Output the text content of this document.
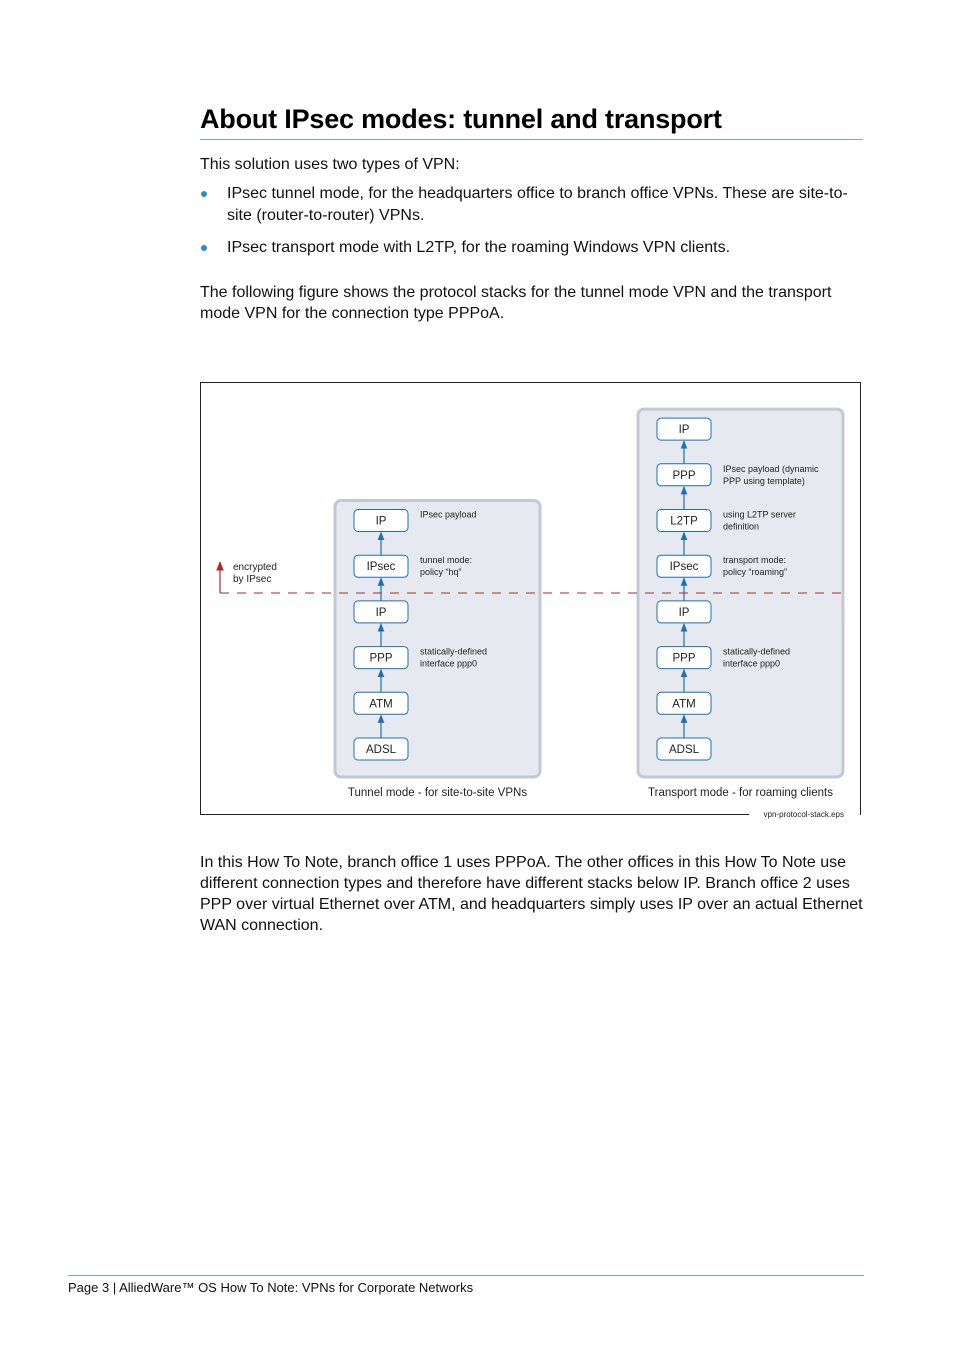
About IPsec modes: tunnel and transport

This solution uses two types of VPN:

IPsec tunnel mode, for the headquarters office to branch office VPNs. These are site-to-site (router-to-router) VPNs.
IPsec transport mode with L2TP, for the roaming Windows VPN clients.

The following figure shows the protocol stacks for the tunnel mode VPN and the transport mode VPN for the connection type PPPoA.

IP
IPsec payload
IPsec
tunnel mode:
policy “hq”
IP
PPP
statically-defined
interface ppp0
ATM
ADSL
Tunnel mode - for site-to-site VPNs
IP
PPP
IPsec payload (dynamic
PPP using template)
L2TP
using L2TP server
definition
IPsec
transport mode:
policy “roaming”
IP
PPP
statically-defined
interface ppp0
ATM
ADSL
Transport mode - for roaming clients
encrypted
by IPsec
vpn-protocol-stack.eps

In this How To Note, branch office 1 uses PPPoA. The other offices in this How To Note use different connection types and therefore have different stacks below IP. Branch office 2 uses PPP over virtual Ethernet over ATM, and headquarters simply uses IP over an actual Ethernet WAN connection.

Page 3 | AlliedWare™ OS How To Note: VPNs for Corporate Networks
